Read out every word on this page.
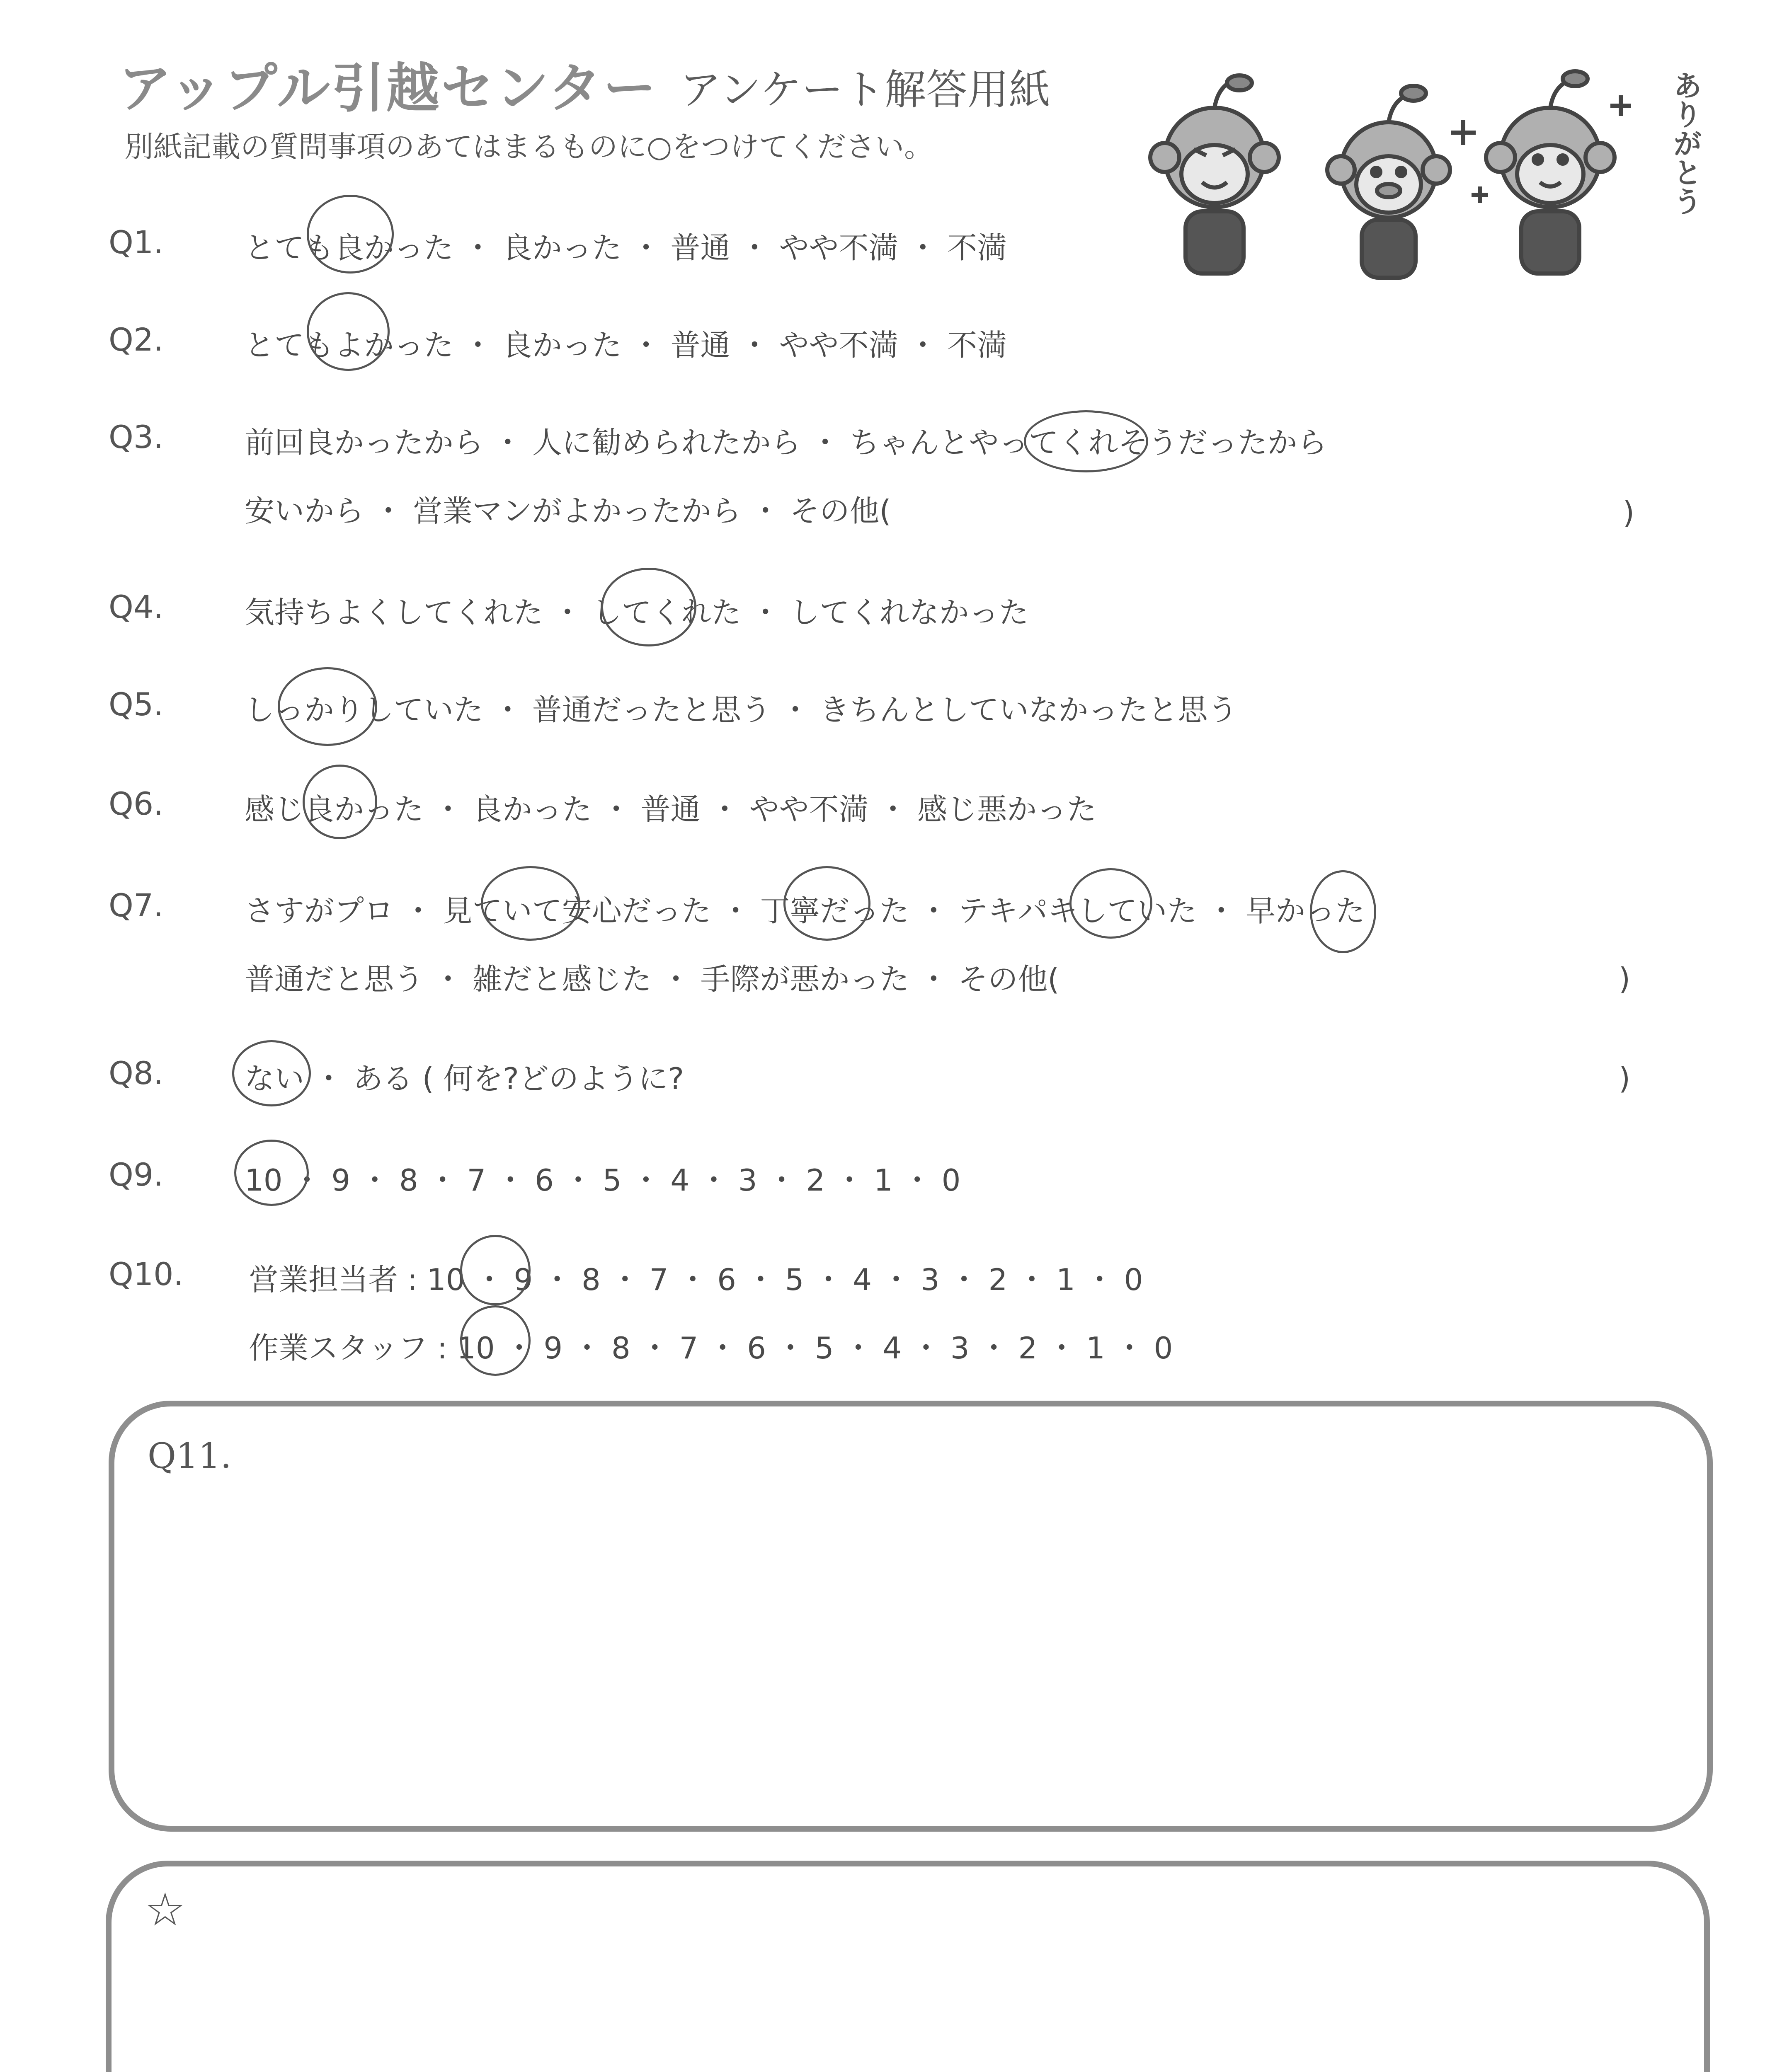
アップル引越センター アンケート解答用紙
別紙記載の質問事項のあてはまるものに○をつけてください。	ありがとう
Q1.	とても良かった ・ 良かった ・ 普通 ・ やや不満 ・ 不満
Q2.	とてもよかった ・ 良かった ・ 普通 ・ やや不満 ・ 不満
Q3.	前回良かったから ・ 人に勧められたから ・ ちゃんとやってくれそうだったから
安いから ・ 営業マンがよかったから ・ その他(	)
Q4.	気持ちよくしてくれた ・ してくれた ・ してくれなかった
Q5.	しっかりしていた ・ 普通だったと思う ・ きちんとしていなかったと思う
Q6.	感じ良かった ・ 良かった ・ 普通 ・ やや不満 ・ 感じ悪かった
Q7.	さすがプロ ・ 見ていて安心だった ・ 丁寧だった ・ テキパキしていた ・ 早かった
普通だと思う ・ 雑だと感じた ・ 手際が悪かった ・ その他(	)
Q8.	ない ・ ある ( 何を?どのように?	)
Q9.	10 ・ 9 ・ 8 ・ 7 ・ 6 ・ 5 ・ 4 ・ 3 ・ 2 ・ 1 ・ 0
Q10. 営業担当者 : 10 ・ 9 ・ 8 ・ 7 ・ 6 ・ 5 ・ 4 ・ 3 ・ 2 ・ 1 ・ 0
作業スタッフ : 10 ・ 9 ・ 8 ・ 7 ・ 6 ・ 5 ・ 4 ・ 3 ・ 2 ・ 1 ・ 0
Q11.
☆
